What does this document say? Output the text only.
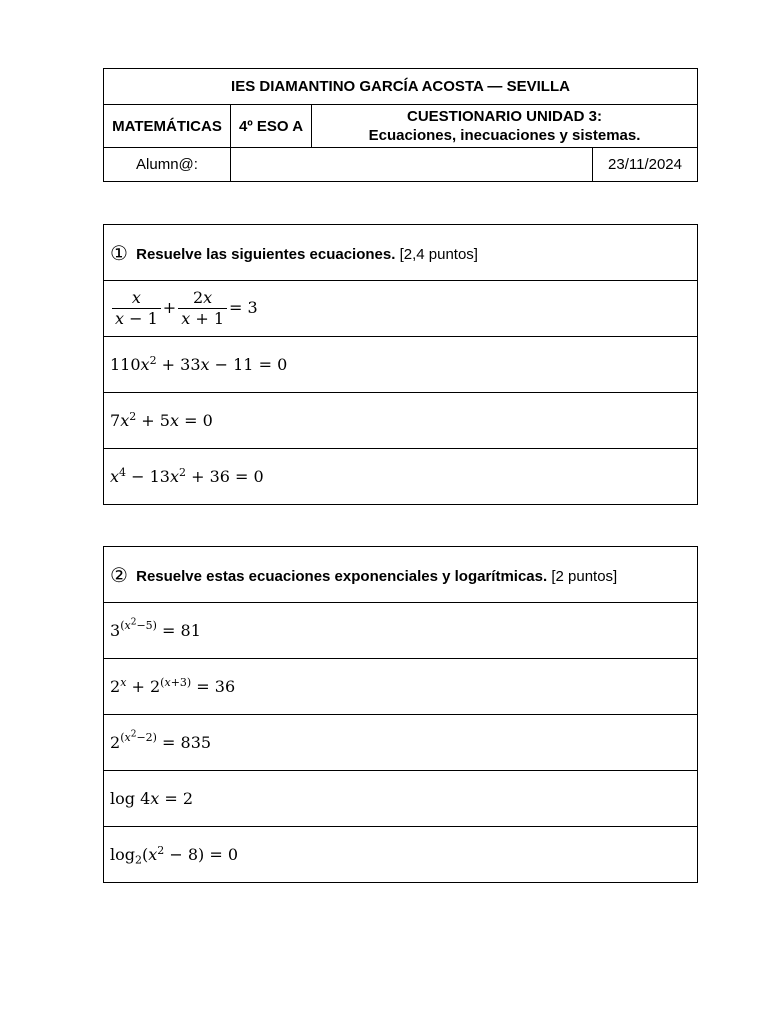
IES DIAMANTINO GARCÍA ACOSTA — SEVILLA			
MATEMÁTICAS	4º ESO A	CUESTIONARIO UNIDAD 3:
Ecuaciones, inecuaciones y sistemas.	

Alumn@:			23/11/2024
① Resuelve las siguientes ecuaciones. [2,4 puntos]

$\frac{x}{x - 1} + \frac{2x}{x + 1} = 3$
$110x^2 + 33x - 11 = 0$
$7x^2 + 5x = 0$
$x^4 - 13x^2 + 36 = 0$
② Resuelve estas ecuaciones exponenciales y logarítmicas. [2 puntos]
$3^{(x^2-5)} = 81$
$2^x + 2^{(x+3)} = 36$
$2^{(x^2-2)} = 835$
log 4x = 2
$\log_2(x^2 - 8) = 0$
